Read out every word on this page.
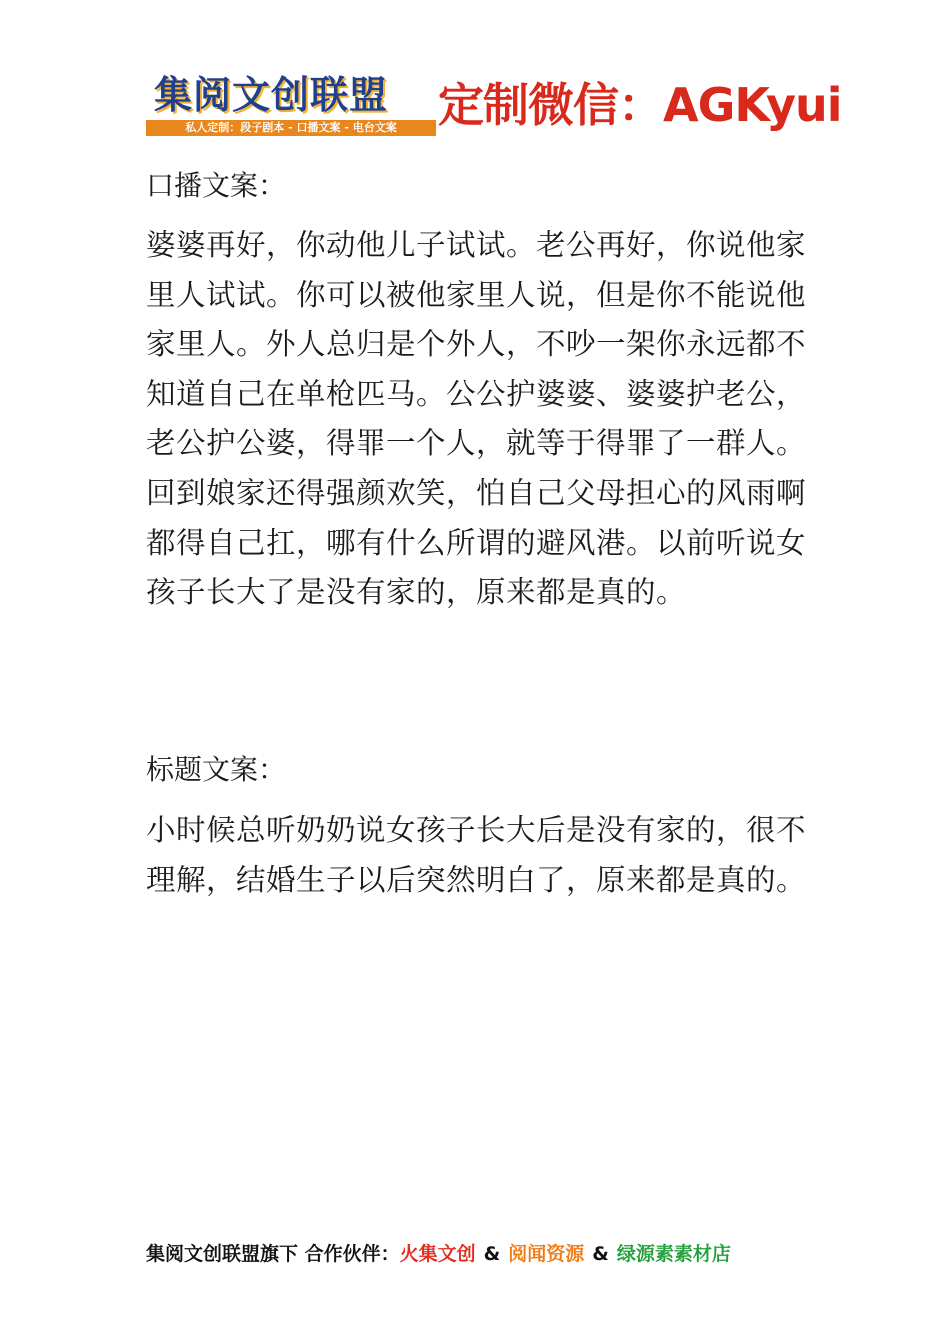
集阅文创联盟
私人定制：段子剧本 - 口播文案 - 电台文案 定制微信：AGKyui
口播文案：
婆婆再好，你动他儿子试试。老公再好，你说他家里人试试。你可以被他家里人说，但是你不能说他家里人。外人总归是个外人，不吵一架你永远都不知道自己在单枪匹马。公公护婆婆、婆婆护老公，老公护公婆，得罪一个人，就等于得罪了一群人。回到娘家还得强颜欢笑，怕自己父母担心的风雨啊都得自己扛，哪有什么所谓的避风港。以前听说女孩子长大了是没有家的，原来都是真的。
标题文案：
小时候总听奶奶说女孩子长大后是没有家的，很不理解，结婚生子以后突然明白了，原来都是真的。
集阅文创联盟旗下 合作伙伴：火集文创 & 阅闻资源 & 绿源素素材店
